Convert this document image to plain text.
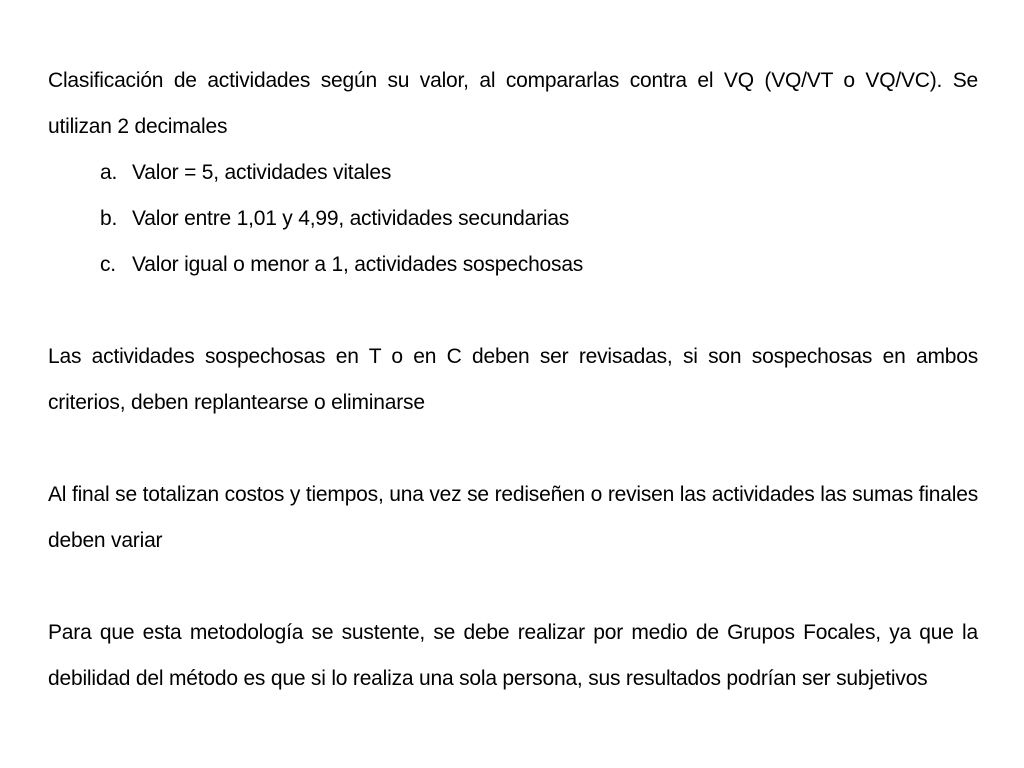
Clasificación de actividades según su valor, al compararlas contra el VQ (VQ/VT o VQ/VC). Se utilizan 2 decimales

a. Valor = 5, actividades vitales
b. Valor entre 1,01 y 4,99, actividades secundarias
c. Valor igual o menor a 1, actividades sospechosas

Las actividades sospechosas en T o en C deben ser revisadas, si son sospechosas en ambos criterios, deben replantearse o eliminarse

Al final se totalizan costos y tiempos, una vez se rediseñen o revisen las actividades las sumas finales deben variar

Para que esta metodología se sustente, se debe realizar por medio de Grupos Focales, ya que la debilidad del método es que si lo realiza una sola persona, sus resultados podrían ser subjetivos
